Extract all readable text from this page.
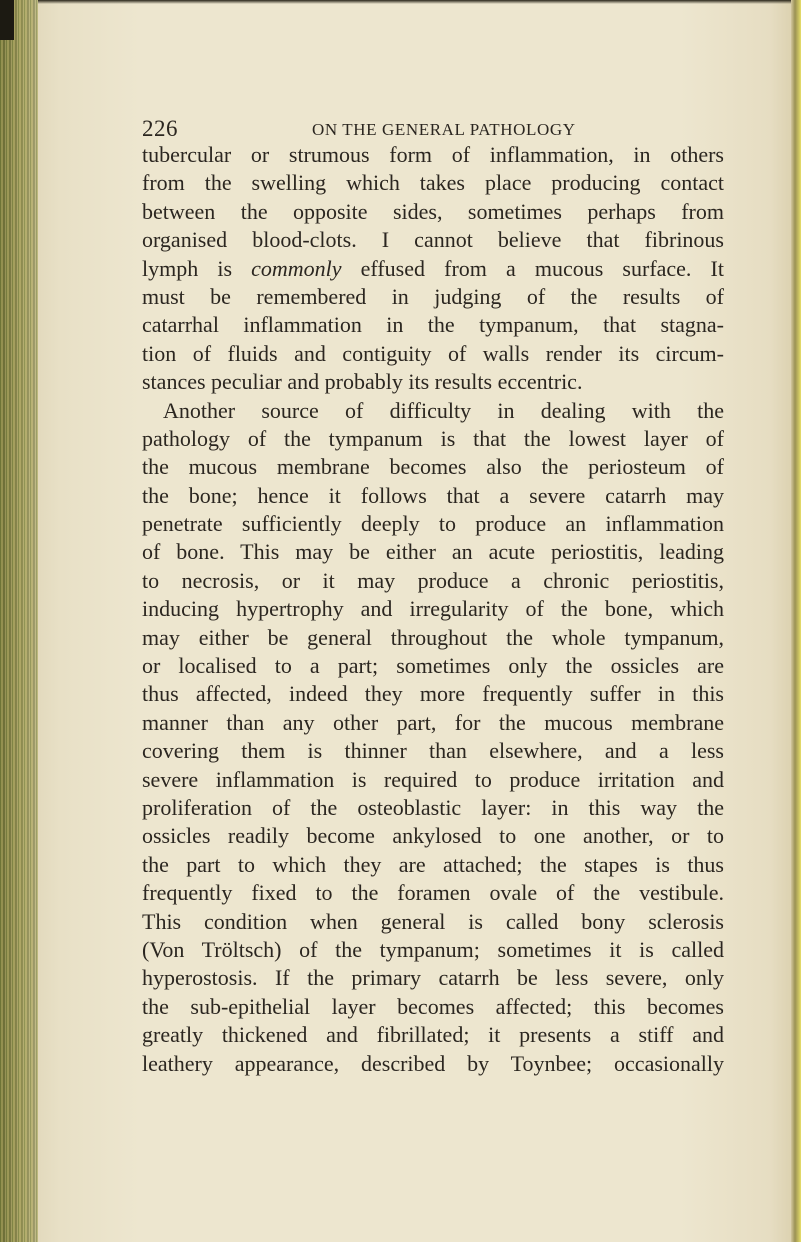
226	ON THE GENERAL PATHOLOGY
tubercular or strumous form of inflammation, in others
from the swelling which takes place producing contact
between the opposite sides, sometimes perhaps from
organised blood-clots. I cannot believe that fibrinous
lymph is commonly effused from a mucous surface. It
must be remembered in judging of the results of
catarrhal inflammation in the tympanum, that stagna-
tion of fluids and contiguity of walls render its circum-
stances peculiar and probably its results eccentric.
Another source of difficulty in dealing with the
pathology of the tympanum is that the lowest layer of
the mucous membrane becomes also the periosteum of
the bone; hence it follows that a severe catarrh may
penetrate sufficiently deeply to produce an inflammation
of bone. This may be either an acute periostitis, leading
to necrosis, or it may produce a chronic periostitis,
inducing hypertrophy and irregularity of the bone, which
may either be general throughout the whole tympanum,
or localised to a part; sometimes only the ossicles are
thus affected, indeed they more frequently suffer in this
manner than any other part, for the mucous membrane
covering them is thinner than elsewhere, and a less
severe inflammation is required to produce irritation and
proliferation of the osteoblastic layer: in this way the
ossicles readily become ankylosed to one another, or to
the part to which they are attached; the stapes is thus
frequently fixed to the foramen ovale of the vestibule.
This condition when general is called bony sclerosis
(Von Tröltsch) of the tympanum; sometimes it is called
hyperostosis. If the primary catarrh be less severe, only
the sub-epithelial layer becomes affected; this becomes
greatly thickened and fibrillated; it presents a stiff and
leathery appearance, described by Toynbee; occasionally
